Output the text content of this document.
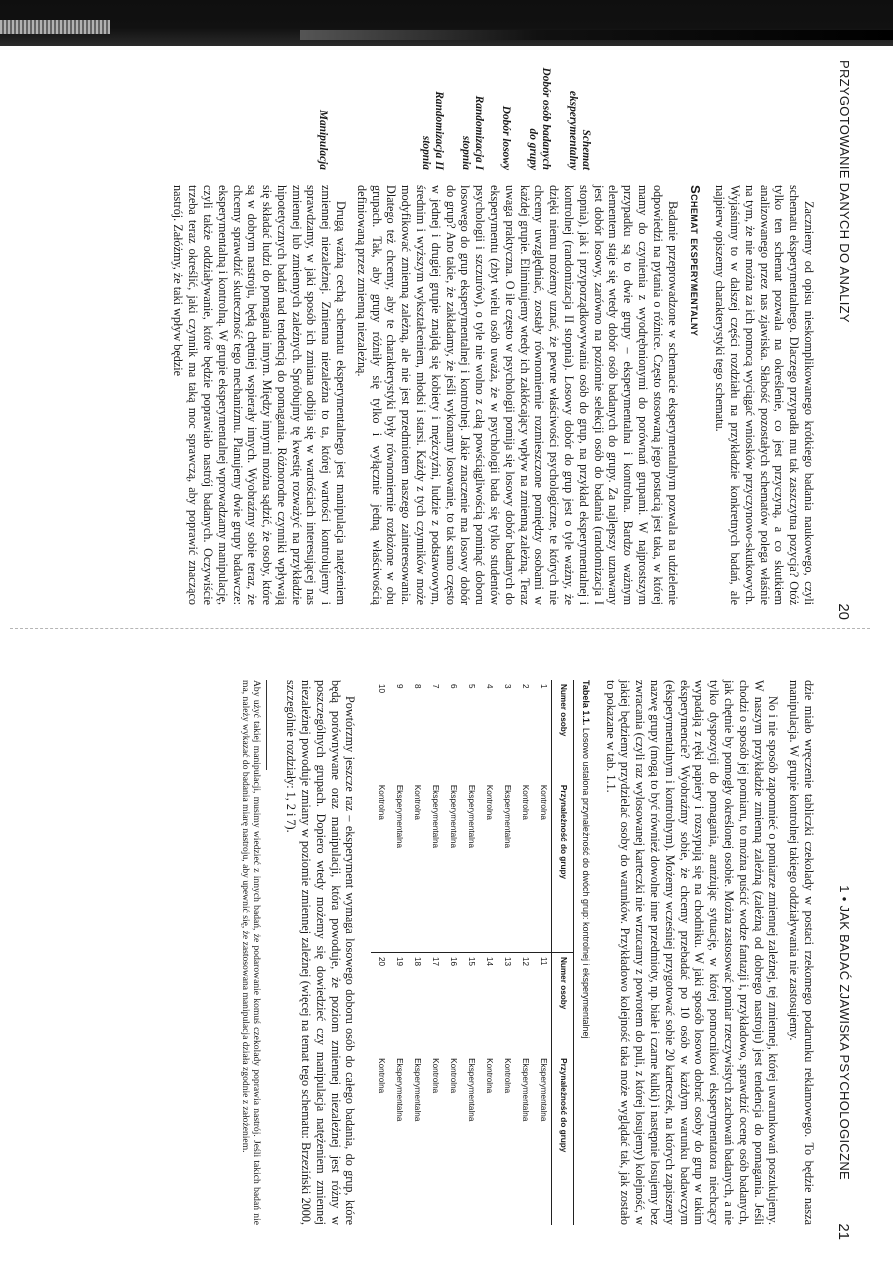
PRZYGOTOWANIE DANYCH DO ANALIZY
20
Schemat eksperymentalny
Dobór osób badanych do grupy
Dobór losowy
Randomizacja I stopnia
Randomizacja II stopnia
Manipulacja

Zaczniemy od opisu nieskomplikowanego krótkiego badania naukowego, czyli schematu eksperymentalnego. Dlaczego przypadła mu tak zaszczytna pozycja? Otóż tylko ten schemat pozwala na określenie, co jest przyczyną, a co skutkiem analizowanego przez nas zjawiska. Słabość pozostałych schematów polega właśnie na tym, że nie można za ich pomocą wyciągać wniosków przyczynowo-skutkowych. Wyjaśnimy to w dalszej części rozdziału na przykładzie konkretnych badań, ale najpierw opiszemy charakterystyki tego schematu.

Schemat eksperymentalny

Badanie przeprowadzone w schemacie eksperymentalnym pozwala na udzielenie odpowiedzi na pytania o różnice. Często stosowaną jego postacią jest taka, w której mamy do czynienia z wyodrębnionymi do porównań grupami. W najprostszym przypadku są to dwie grupy – eksperymentalna i kontrolna. Bardzo ważnym elementem staje się wtedy dobór osób badanych do grupy. Za najlepszy uznawany jest dobór losowy, zarówno na poziomie selekcji osób do badania (randomizacja I stopnia), jak i przyporządkowywania osób do grup, na przykład eksperymentalnej i kontrolnej (randomizacja II stopnia). Losowy dobór do grup jest o tyle ważny, że dzięki niemu możemy uznać, że pewne właściwości psychologiczne, te których nie chcemy uwzględniać, zostały równomiernie rozmieszczone pomiędzy osobami w każdej grupie. Eliminujemy wtedy ich zakłócający wpływ na zmienną zależną. Teraz uwaga praktyczna. O ile często w psychologii pomija się losowy dobór badanych do eksperymentu (zbyt wielu osób uważa, że w psychologii bada się tylko studentów psychologii i szczurów), o tyle nie wolno z całą powściągliwością pominąć doboru losowego do grup eksperymentalnej i kontrolnej. Jakie znaczenie ma losowy dobór do grup? Ano takie, że zakładamy, że jeśli wykonamy losowanie, to tak samo często w jednej i drugiej grupie znajdą się kobiety i mężczyźni, ludzie z podstawowym, średnim i wyższym wykształceniem, młodsi i starsi. Każdy z tych czynników może modyfikować zmienną zależną, ale nie jest przedmiotem naszego zainteresowania. Dlatego też chcemy, aby te charakterystyki były równomiernie rozłożone w obu grupach. Tak, aby grupy różniły się tylko i wyłącznie jedną właściwością definiowaną przez zmienną niezależną.

Drugą ważną cechą schematu eksperymentalnego jest manipulacja natężeniem zmiennej niezależnej. Zmienna niezależna to ta, której wartości kontrolujemy i sprawdzamy, w jaki sposób ich zmiana odbija się w wartościach interesującej nas zmiennej lub zmiennych zależnych. Spróbujmy tę kwestię rozważyć na przykładzie hipotetycznych badań nad tendencją do pomagania. Różnorodne czynniki wpływają się składać ludzi do pomagania innym. Między innymi można sądzić, że osoby, które są w dobrym nastroju, będą chętniej wspierały innych. Wyobraźmy sobie teraz, że chcemy sprawdzić skuteczność tego mechanizmu. Planujemy dwie grupy badawcze: eksperymentalną i kontrolną. W grupie eksperymentalnej wprowadzamy manipulację, czyli także oddziaływanie, które będzie poprawiało nastrój badanych. Oczywiście trzeba teraz określić, jaki czynnik ma taką moc sprawczą, aby poprawić znacząco nastrój. Załóżmy, że taki wpływ będzie

1 • JAK BADAĆ ZJAWISKA PSYCHOLOGICZNE
21

dzie miało wręczenie tabliczki czekolady w postaci rzekomego podarunku reklamowego. To będzie nasza manipulacja. W grupie kontrolnej takiego oddziaływania nie zastosujemy.

No i nie sposób zapomnieć o pomiarze zmiennej zależnej, tej zmiennej, której uwarunkowań poszukujemy. W naszym przykładzie zmienną zależną (zależną od dobrego nastroju) jest tendencja do pomagania. Jeśli chodzi o sposób jej pomiaru, to można puścić wodze fantazji i, przykładowo, sprawdzić ocenę osób badanych, jak chętnie by pomogły określonej osobie. Można zastosować pomiar rzeczywistych zachowań badanych, a nie tylko dyspozycji do pomagania, aranżując sytuację, w której pomocnikowi eksperymentatora niechcący wypadają z ręki papiery i rozsypują się na chodniku. W jaki sposób losowo dobrać osoby do grup w takim eksperymencie? Wyobraźmy sobie, że chcemy przebadać po 10 osób w każdym warunku badawczym (eksperymentalnym i kontrolnym). Możemy wcześniej przygotować sobie 20 karteczek, na których zapiszemy nazwę grupy (mogą to być również dowolne inne przedmioty, np. białe i czarne kulki) i następnie losujemy bez zwracania (czyli raz wylosowanej karteczki nie wrzucamy z powrotem do puli, z której losujemy) kolejność, w jakiej będziemy przydzielać osoby do warunków. Przykładowo kolejność taka może wyglądać tak, jak zostało to pokazane w tab. 1.1.

Tabela 1.1. Losowo ustalona przynależność do dwóch grup: kontrolnej i eksperymentalnej
Numer osoby	Przynależność do grupy	Numer osoby	Przynależność do grupy
1	Kontrolna	11	Eksperymentalna
2	Kontrolna	12	Eksperymentalna
3	Eksperymentalna	13	Kontrolna
4	Kontrolna	14	Kontrolna
5	Eksperymentalna	15	Eksperymentalna
6	Eksperymentalna	16	Kontrolna
7	Eksperymentalna	17	Kontrolna
8	Kontrolna	18	Eksperymentalna
9	Eksperymentalna	19	Eksperymentalna
10	Kontrolna	20	Kontrolna

Powtórzmy jeszcze raz – eksperyment wymaga losowego doboru osób do całego badania, do grup, które będą porównywane oraz manipulacji, która powoduje, że poziom zmiennej niezależnej jest różny w poszczególnych grupach. Dopiero wtedy możemy się dowiedzieć czy manipulacja natężeniem zmiennej niezależnej powoduje zmiany w poziomie zmiennej zależnej (więcej na temat tego schematu: Brzeziński 2000, szczególnie rozdziały: 1, 2 i 7).

Aby użyć takiej manipulacji, musimy wiedzieć z innych badań, że podarowanie komuś czekolady poprawia nastrój. Jeśli takich badań nie ma, należy wykazać do badania miarę nastroju, aby upewnić się, że zastosowana manipulacja działa zgodnie z założeniem.
